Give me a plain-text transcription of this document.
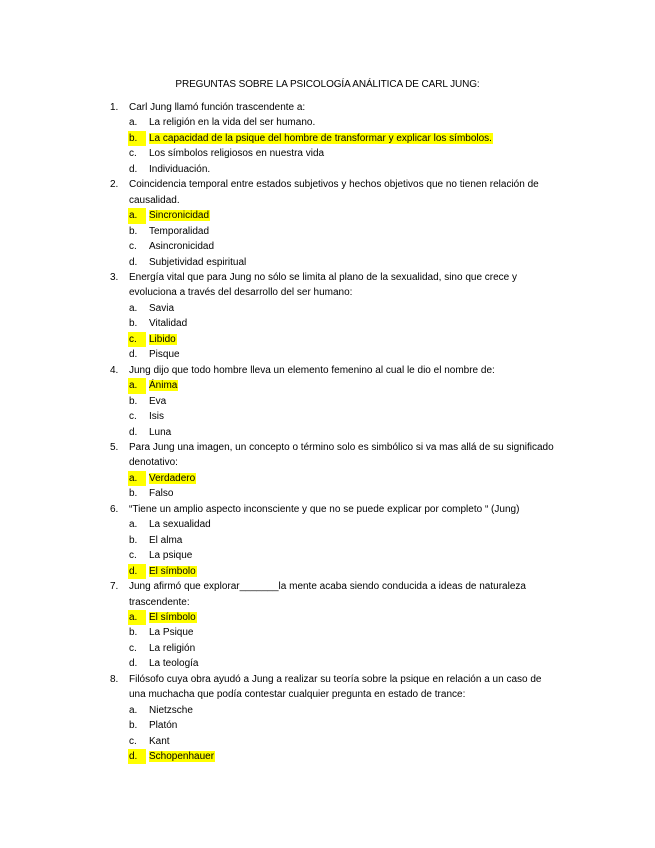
PREGUNTAS SOBRE LA PSICOLOGÍA ANÁLITICA DE CARL JUNG:
1. Carl Jung llamó función trascendente a:
a. La religión en la vida del ser humano.
b.	La capacidad de la psique del hombre de transformar y explicar los símbolos.
c. Los símbolos religiosos en nuestra vida
d. Individuación.
2. Coincidencia temporal entre estados subjetivos y hechos objetivos que no tienen relación de causalidad.
a.	Sincronicidad
b. Temporalidad
c. Asincronicidad
d. Subjetividad espiritual
3. Energía vital que para Jung no sólo se limita al plano de la sexualidad, sino que crece y evoluciona a través del desarrollo del ser humano:
a. Savia
b. Vitalidad
c.	Libido
d. Pisque
4. Jung dijo que todo hombre lleva un elemento femenino al cual le dio el nombre de:
a.	Ánima
b. Eva
c. Isis
d. Luna
5. Para Jung una imagen, un concepto o término solo es simbólico si va mas allá de su significado denotativo:
a.	Verdadero
b. Falso
6. “Tiene un amplio aspecto inconsciente y que no se puede explicar por completo “ (Jung)
a. La sexualidad
b. El alma
c. La psique
d.	El símbolo
7. Jung afirmó que explorar_______la mente acaba siendo conducida a ideas de naturaleza trascendente:
a.	El símbolo
b. La Psique
c. La religión
d. La teología
8. Filósofo cuya obra ayudó a Jung a realizar su teoría sobre la psique en relación a un caso de una muchacha que podía contestar cualquier pregunta en estado de trance:
a. Nietzsche
b. Platón
c. Kant
d.	Schopenhauer
